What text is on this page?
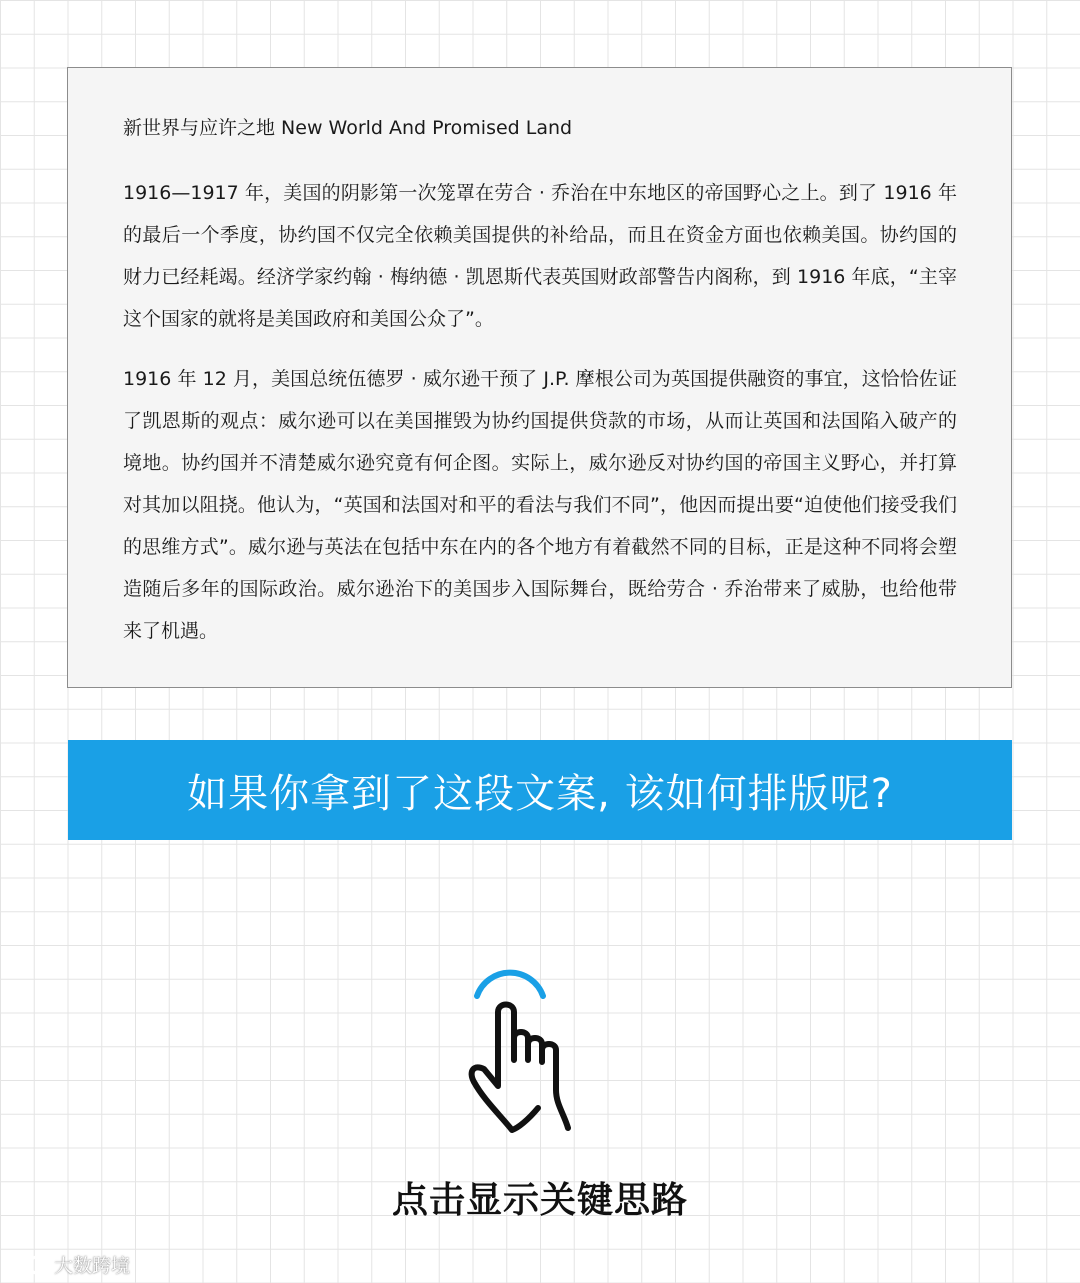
新世界与应许之地 New World And Promised Land

1916—1917 年，美国的阴影第一次笼罩在劳合 · 乔治在中东地区的帝国野心之上。到了 1916 年的最后一个季度，协约国不仅完全依赖美国提供的补给品，而且在资金方面也依赖美国。协约国的财力已经耗竭。经济学家约翰 · 梅纳德 · 凯恩斯代表英国财政部警告内阁称，到 1916 年底，“主宰这个国家的就将是美国政府和美国公众了”。

1916 年 12 月，美国总统伍德罗 · 威尔逊干预了 J.P. 摩根公司为英国提供融资的事宜，这恰恰佐证了凯恩斯的观点：威尔逊可以在美国摧毁为协约国提供贷款的市场，从而让英国和法国陷入破产的境地。协约国并不清楚威尔逊究竟有何企图。实际上，威尔逊反对协约国的帝国主义野心，并打算对其加以阻挠。他认为，“英国和法国对和平的看法与我们不同”，他因而提出要“迫使他们接受我们的思维方式”。威尔逊与英法在包括中东在内的各个地方有着截然不同的目标，正是这种不同将会塑造随后多年的国际政治。威尔逊治下的美国步入国际舞台，既给劳合 · 乔治带来了威胁，也给他带来了机遇。

如果你拿到了这段文案, 该如何排版呢?
点击显示关键思路
大数跨境
